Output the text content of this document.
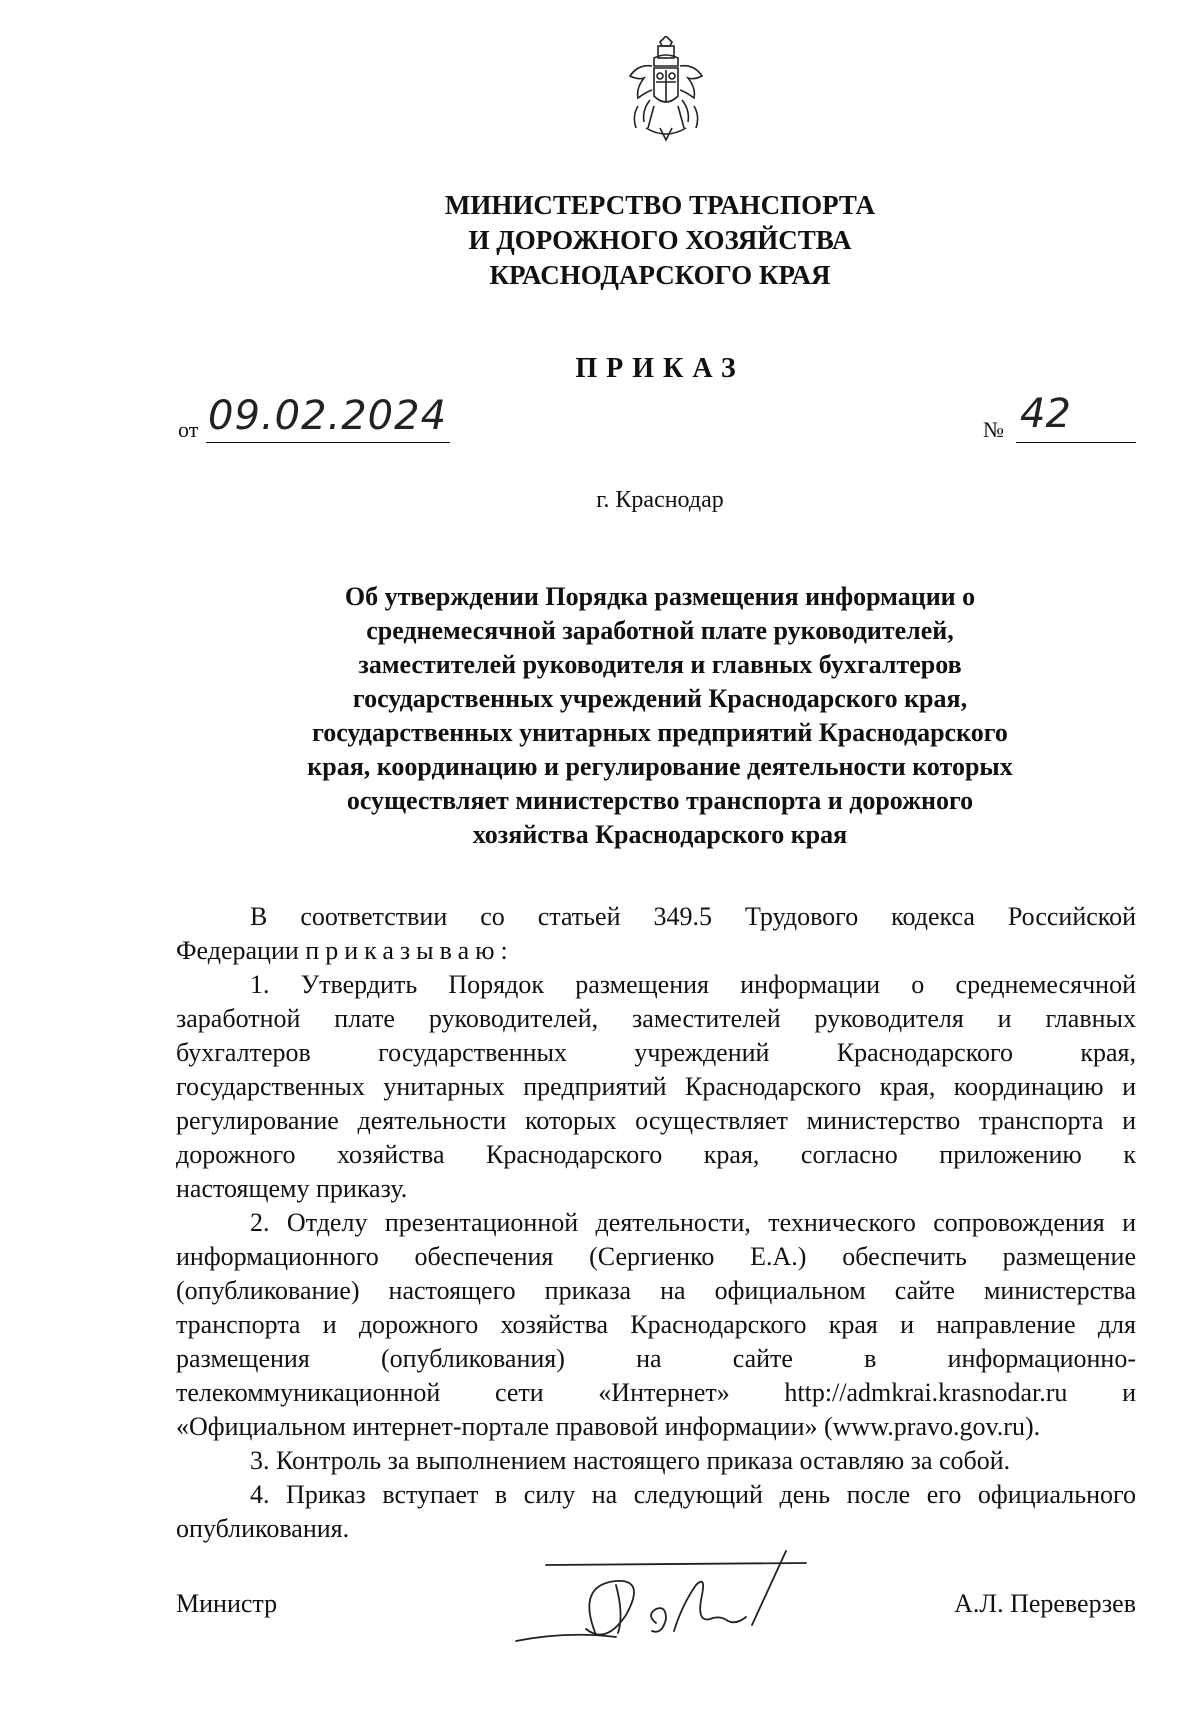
МИНИСТЕРСТВО ТРАНСПОРТА
И ДОРОЖНОГО ХОЗЯЙСТВА
КРАСНОДАРСКОГО КРАЯ
ПРИКАЗ
от 09.02.2024	№ 42
г. Краснодар
Об утверждении Порядка размещения информации о
среднемесячной заработной плате руководителей,
заместителей руководителя и главных бухгалтеров
государственных учреждений Краснодарского края,
государственных унитарных предприятий Краснодарского
края, координацию и регулирование деятельности которых
осуществляет министерство транспорта и дорожного
хозяйства Краснодарского края

В соответствии со статьей 349.5 Трудового кодекса Российской

Федерации приказываю:

1. Утвердить Порядок размещения информации о среднемесячной

заработной плате руководителей, заместителей руководителя и главных

бухгалтеров государственных учреждений Краснодарского края,

государственных унитарных предприятий Краснодарского края, координацию и

регулирование деятельности которых осуществляет министерство транспорта и

дорожного хозяйства Краснодарского края, согласно приложению к

настоящему приказу.

2. Отделу презентационной деятельности, технического сопровождения и

информационного обеспечения (Сергиенко Е.А.) обеспечить размещение

(опубликование) настоящего приказа на официальном сайте министерства

транспорта и дорожного хозяйства Краснодарского края и направление для

размещения (опубликования) на сайте в информационно-

телекоммуникационной сети «Интернет» http://admkrai.krasnodar.ru и

«Официальном интернет-портале правовой информации» (www.pravo.gov.ru).

3. Контроль за выполнением настоящего приказа оставляю за собой.

4. Приказ вступает в силу на следующий день после его официального

опубликования.

Министр	А.Л. Переверзев
